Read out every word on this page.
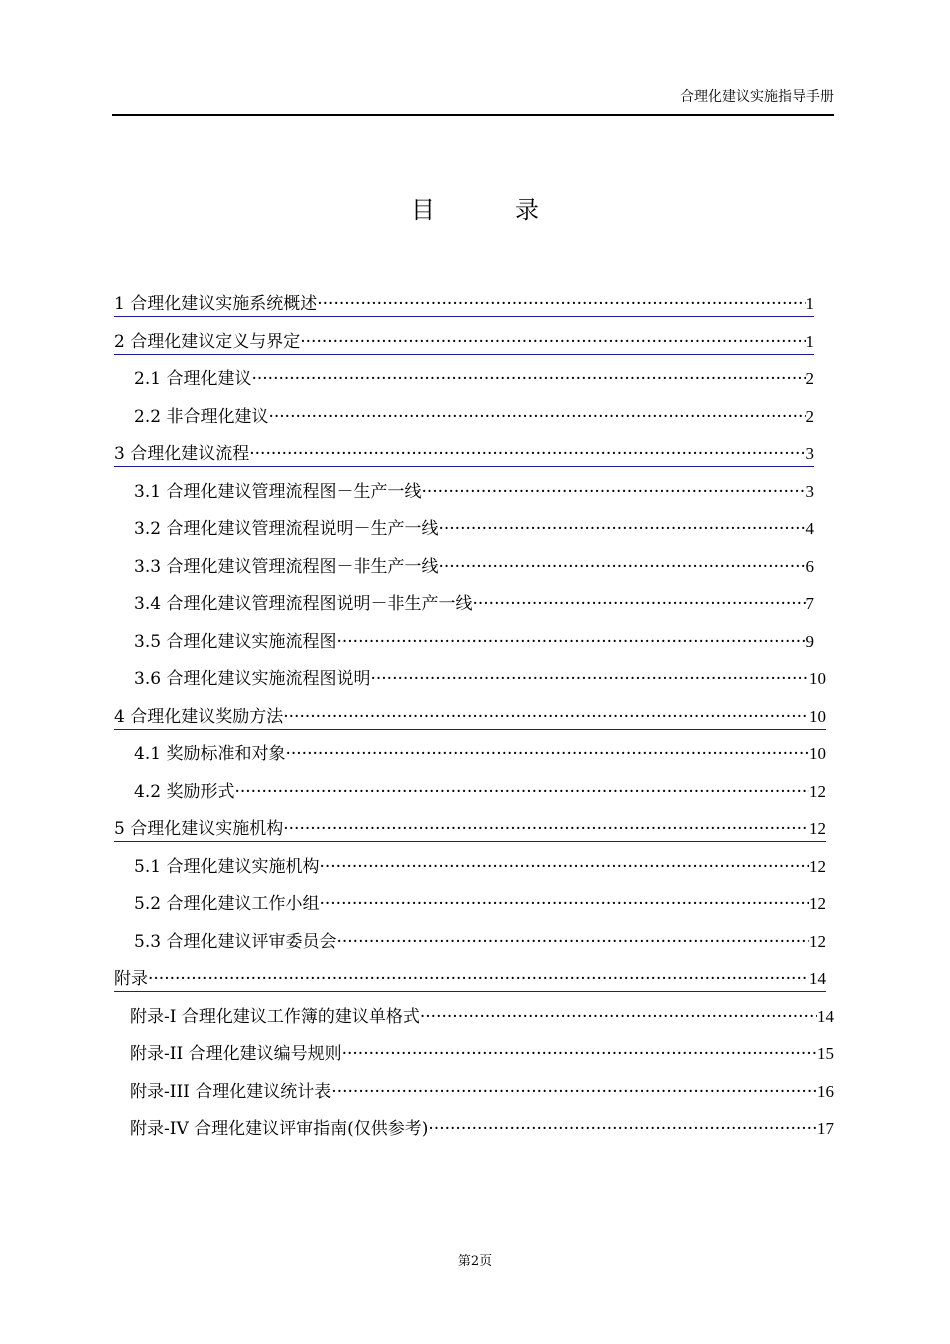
合理化建议实施指导手册
目录
1 合理化建议实施系统概述 ·····	1
2 合理化建议定义与界定 ·····	1
2.1 合理化建议 ·····	2
2.2 非合理化建议 ·····	2
3 合理化建议流程 ·····	3
3.1 合理化建议管理流程图－生产一线 ·····	3
3.2 合理化建议管理流程说明－生产一线 ·····	4
3.3 合理化建议管理流程图－非生产一线 ·····	6
3.4 合理化建议管理流程图说明－非生产一线 ·····	7
3.5 合理化建议实施流程图 ·····	9
3.6 合理化建议实施流程图说明 ·····	10
4 合理化建议奖励方法 ·····	10
4.1 奖励标准和对象 ·····	10
4.2 奖励形式 ·····	12
5 合理化建议实施机构 ·····	12
5.1 合理化建议实施机构 ·····	12
5.2 合理化建议工作小组 ·····	12
5.3 合理化建议评审委员会 ·····	12
附录 ·····	14
附录-I 合理化建议工作簿的建议单格式 ·····	14
附录-II 合理化建议编号规则 ·····	15
附录-III 合理化建议统计表 ·····	16
附录-IV 合理化建议评审指南(仅供参考) ·····	17
第2页
